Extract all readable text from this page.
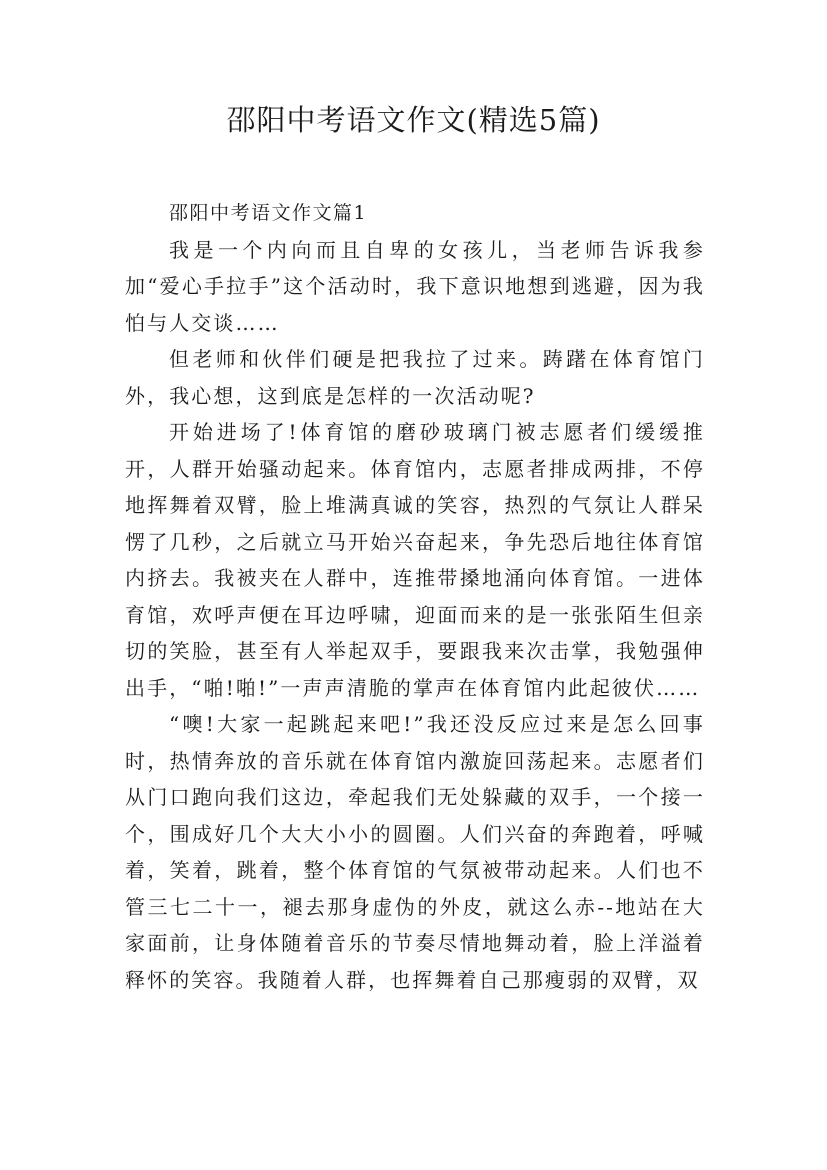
邵阳中考语文作文(精选5篇)

邵阳中考语文作文篇1

我是一个内向而且自卑的女孩儿，当老师告诉我参加“爱心手拉手”这个活动时，我下意识地想到逃避，因为我怕与人交谈……

但老师和伙伴们硬是把我拉了过来。踌躇在体育馆门外，我心想，这到底是怎样的一次活动呢?

开始进场了!体育馆的磨砂玻璃门被志愿者们缓缓推开，人群开始骚动起来。体育馆内，志愿者排成两排，不停地挥舞着双臂，脸上堆满真诚的笑容，热烈的气氛让人群呆愣了几秒，之后就立马开始兴奋起来，争先恐后地往体育馆内挤去。我被夹在人群中，连推带搡地涌向体育馆。一进体育馆，欢呼声便在耳边呼啸，迎面而来的是一张张陌生但亲切的笑脸，甚至有人举起双手，要跟我来次击掌，我勉强伸出手，“啪!啪!”一声声清脆的掌声在体育馆内此起彼伏……

“噢!大家一起跳起来吧!”我还没反应过来是怎么回事时，热情奔放的音乐就在体育馆内激旋回荡起来。志愿者们从门口跑向我们这边，牵起我们无处躲藏的双手，一个接一个，围成好几个大大小小的圆圈。人们兴奋的奔跑着，呼喊着，笑着，跳着，整个体育馆的气氛被带动起来。人们也不管三七二十一，褪去那身虚伪的外皮，就这么赤--地站在大家面前，让身体随着音乐的节奏尽情地舞动着，脸上洋溢着释怀的笑容。我随着人群，也挥舞着自己那瘦弱的双臂，双
